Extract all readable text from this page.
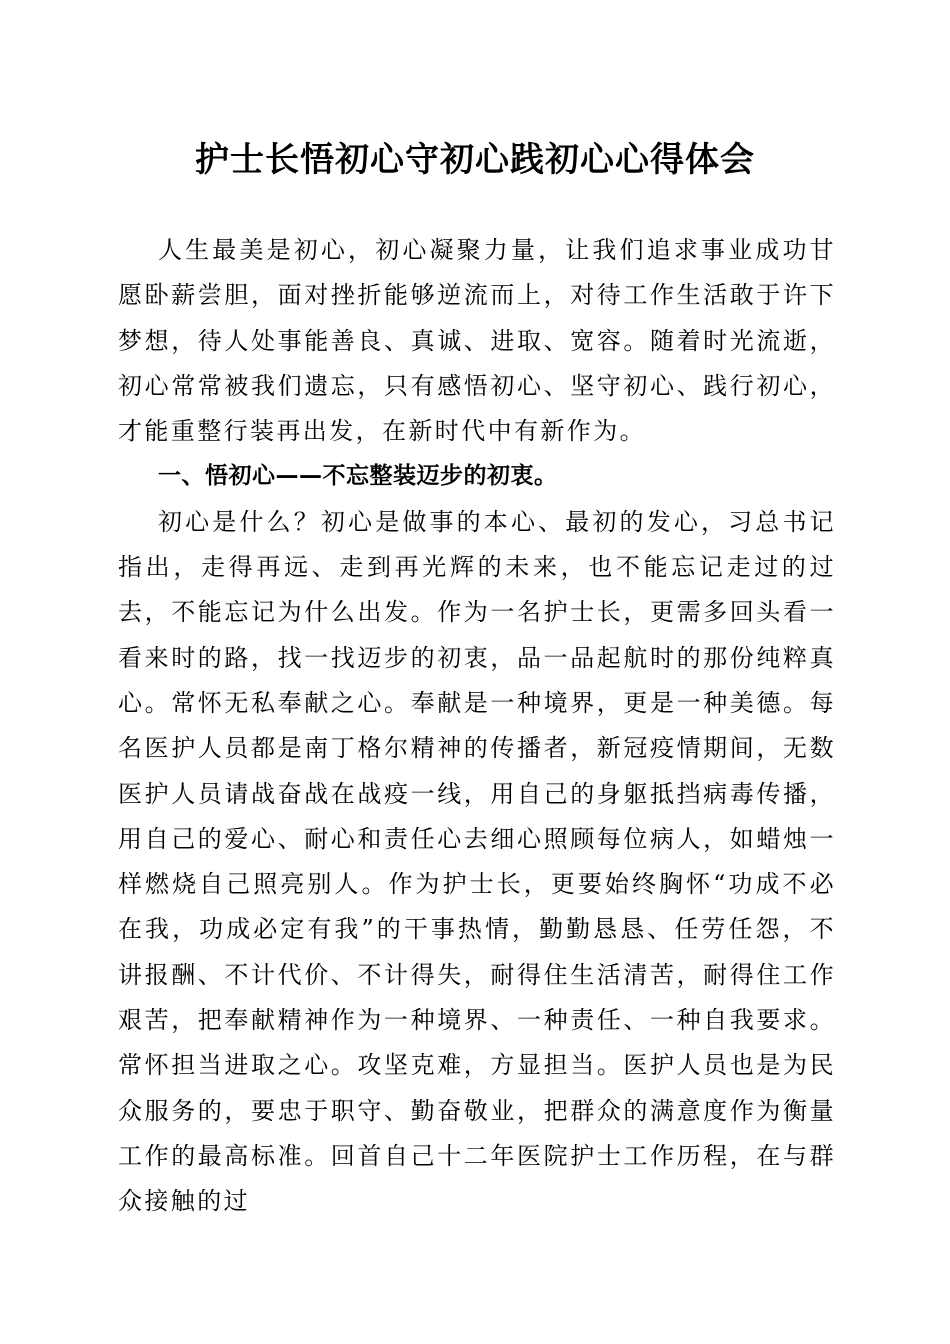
护士长悟初心守初心践初心心得体会

人生最美是初心，初心凝聚力量，让我们追求事业成功甘愿卧薪尝胆，面对挫折能够逆流而上，对待工作生活敢于许下梦想，待人处事能善良、真诚、进取、宽容。随着时光流逝，初心常常被我们遗忘，只有感悟初心、坚守初心、践行初心，才能重整行装再出发，在新时代中有新作为。

一、悟初心——不忘整装迈步的初衷。

初心是什么？初心是做事的本心、最初的发心，习总书记指出，走得再远、走到再光辉的未来，也不能忘记走过的过去，不能忘记为什么出发。作为一名护士长，更需多回头看一看来时的路，找一找迈步的初衷，品一品起航时的那份纯粹真心。常怀无私奉献之心。奉献是一种境界，更是一种美德。每名医护人员都是南丁格尔精神的传播者，新冠疫情期间，无数医护人员请战奋战在战疫一线，用自己的身躯抵挡病毒传播，用自己的爱心、耐心和责任心去细心照顾每位病人，如蜡烛一样燃烧自己照亮别人。作为护士长，更要始终胸怀“功成不必在我，功成必定有我”的干事热情，勤勤恳恳、任劳任怨，不讲报酬、不计代价、不计得失，耐得住生活清苦，耐得住工作艰苦，把奉献精神作为一种境界、一种责任、一种自我要求。常怀担当进取之心。攻坚克难，方显担当。医护人员也是为民众服务的，要忠于职守、勤奋敬业，把群众的满意度作为衡量工作的最高标准。回首自己十二年医院护士工作历程，在与群众接触的过
